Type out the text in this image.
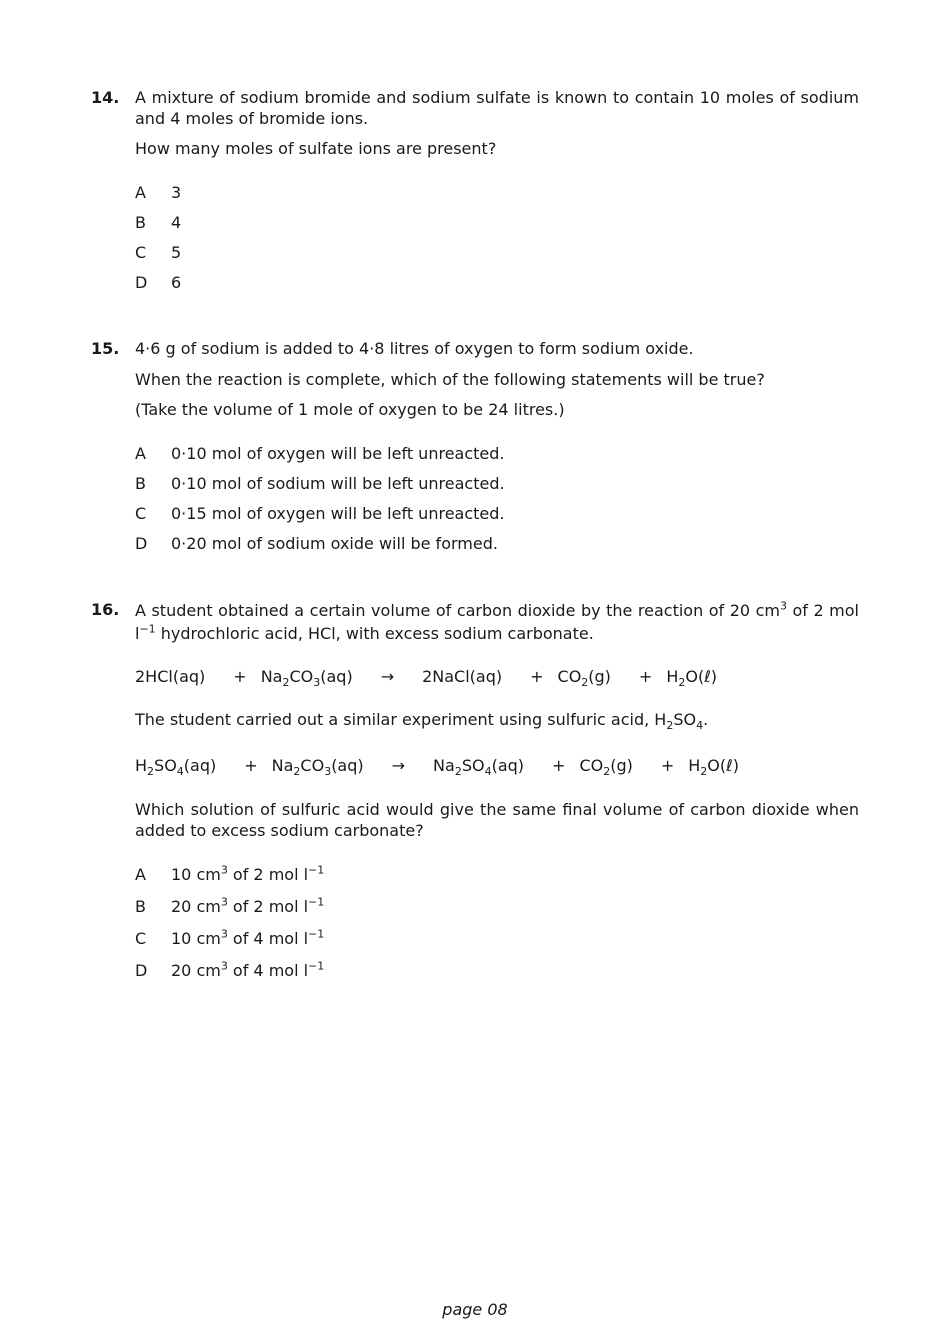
14. A mixture of sodium bromide and sodium sulfate is known to contain 10 moles of sodium and 4 moles of bromide ions.

How many moles of sulfate ions are present?

A	3
B	4
C	5
D	6
15. 4·6 g of sodium is added to 4·8 litres of oxygen to form sodium oxide.

When the reaction is complete, which of the following statements will be true?

(Take the volume of 1 mole of oxygen to be 24 litres.)

A	0·10 mol of oxygen will be left unreacted.
B	0·10 mol of sodium will be left unreacted.
C	0·15 mol of oxygen will be left unreacted.
D	0·20 mol of sodium oxide will be formed.
16. A student obtained a certain volume of carbon dioxide by the reaction of 20 $cm^3$ of 2 mol $l^{-1}$ hydrochloric acid, HCl, with excess sodium carbonate.

$2HCl(aq) + Na_2CO_3(aq)$ → 2NaCl(aq) + $CO_2(g)$ + $H_2O(\ell)$

The student carried out a similar experiment using sulfuric acid, $H_2SO_4$.

$H_2SO_4(aq) + Na_2CO_3(aq) \to Na_2SO_4(aq) + CO_2(g)$ + $H_2O(\ell)$

Which solution of sulfuric acid would give the same final volume of carbon dioxide when added to excess sodium carbonate?

A	10 $cm^3$ of 2 mol $l^{-1}$
B	20 $cm^3$ of 2 mol $l^{-1}$
C	10 $cm^3$ of 4 mol $l^{-1}$
D	20 $cm^3$ of 4 mol $l^{-1}$
page 08
